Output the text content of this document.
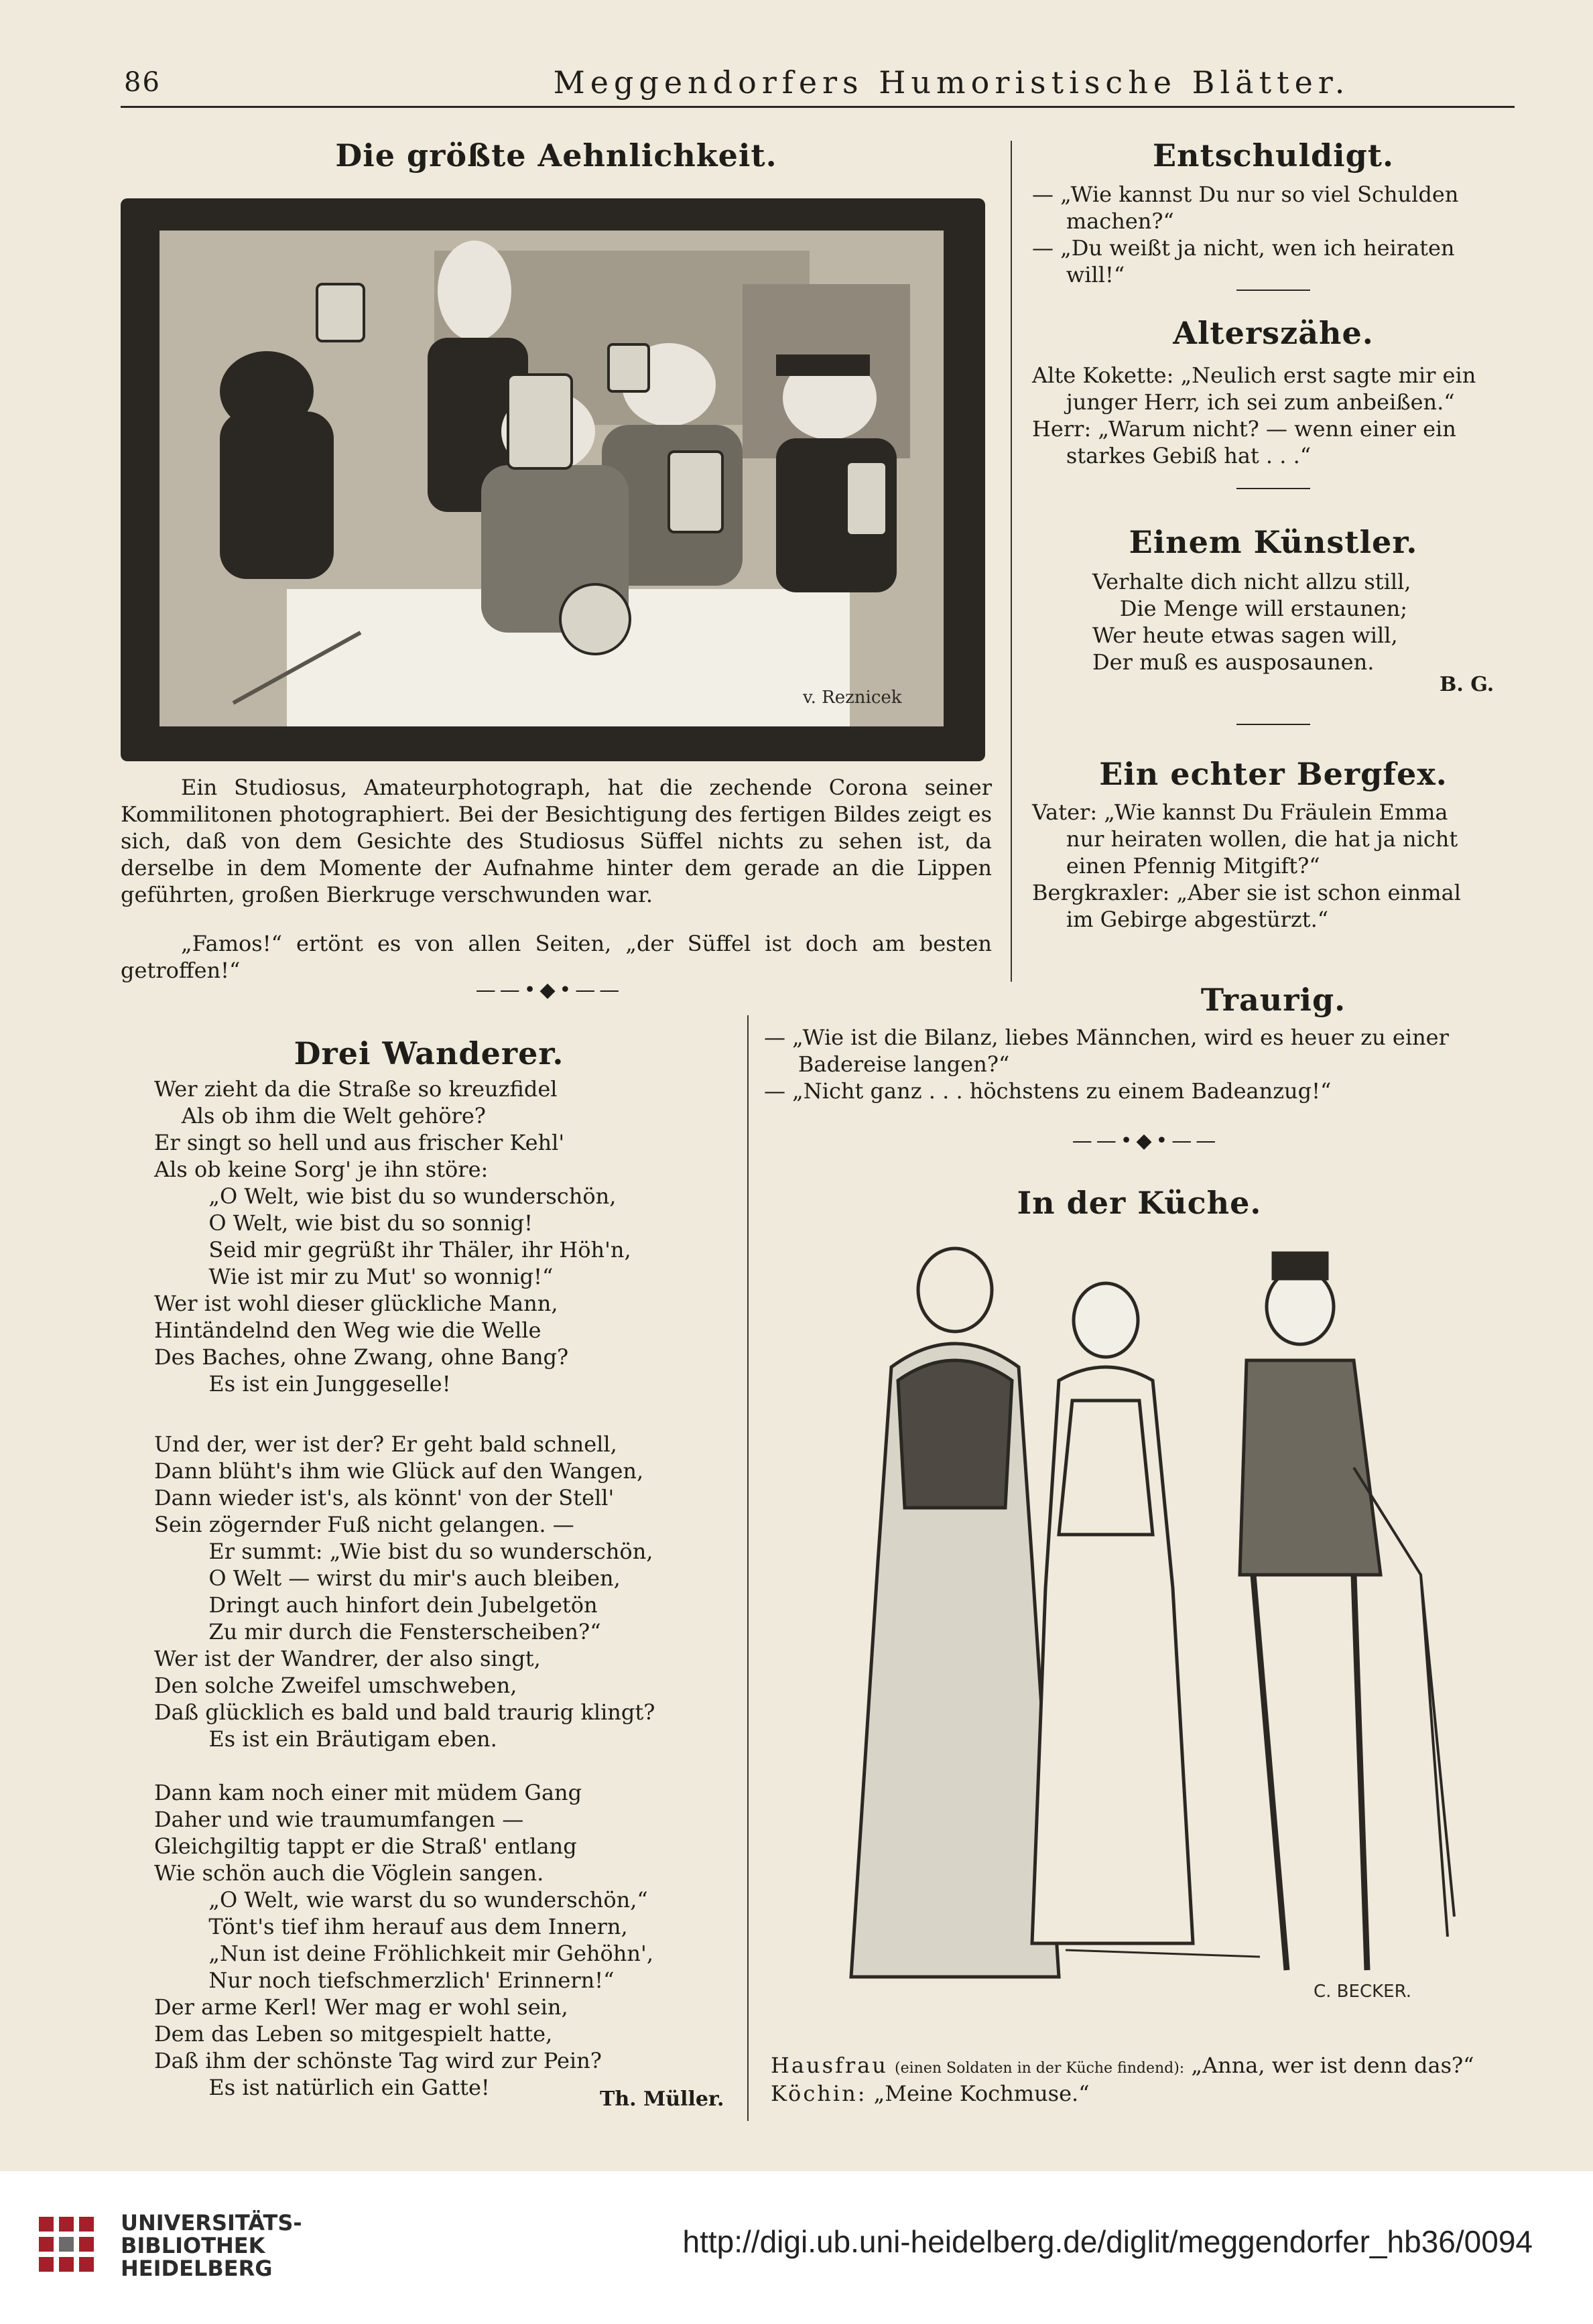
86	Meggendorfers Humoristische Blätter.
Die größte Aehnlichkeit.
v. Reznicek
Ein Studiosus, Amateurphotograph, hat die zechende Corona seiner Kommilitonen photographiert. Bei der Besichtigung des fertigen Bildes zeigt es sich, daß von dem Gesichte des Studiosus Süffel nichts zu sehen ist, da derselbe in dem Momente der Aufnahme hinter dem gerade an die Lippen geführten, großen Bierkruge verschwunden war.
„Famos!“ ertönt es von allen Seiten, „der Süffel ist doch am besten getroffen!“
——•◆•——
Drei Wanderer.
Wer zieht da die Straße so kreuzfidel
Als ob ihm die Welt gehöre?
Er singt so hell und aus frischer Kehl'
Als ob keine Sorg' je ihn störe:
„O Welt, wie bist du so wunderschön,
O Welt, wie bist du so sonnig!
Seid mir gegrüßt ihr Thäler, ihr Höh'n,
Wie ist mir zu Mut' so wonnig!“
Wer ist wohl dieser glückliche Mann,
Hintändelnd den Weg wie die Welle
Des Baches, ohne Zwang, ohne Bang?
Es ist ein Junggeselle!
Und der, wer ist der? Er geht bald schnell,
Dann blüht's ihm wie Glück auf den Wangen,
Dann wieder ist's, als könnt' von der Stell'
Sein zögernder Fuß nicht gelangen. —
Er summt: „Wie bist du so wunderschön,
O Welt — wirst du mir's auch bleiben,
Dringt auch hinfort dein Jubelgetön
Zu mir durch die Fensterscheiben?“
Wer ist der Wandrer, der also singt,
Den solche Zweifel umschweben,
Daß glücklich es bald und bald traurig klingt?
Es ist ein Bräutigam eben.
Dann kam noch einer mit müdem Gang
Daher und wie traumumfangen —
Gleichgiltig tappt er die Straß' entlang
Wie schön auch die Vöglein sangen.
„O Welt, wie warst du so wunderschön,“
Tönt's tief ihm herauf aus dem Innern,
„Nun ist deine Fröhlichkeit mir Gehöhn',
Nur noch tiefschmerzlich' Erinnern!“
Der arme Kerl! Wer mag er wohl sein,
Dem das Leben so mitgespielt hatte,
Daß ihm der schönste Tag wird zur Pein?
Es ist natürlich ein Gatte!	Th. Müller.
Entschuldigt.
— „Wie kannst Du nur so viel Schulden
machen?“
— „Du weißt ja nicht, wen ich heiraten
will!“
Alterszähe.
Alte Kokette: „Neulich erst sagte mir ein
junger Herr, ich sei zum anbeißen.“
Herr: „Warum nicht? — wenn einer ein
starkes Gebiß hat . . .“
Einem Künstler.
Verhalte dich nicht allzu still,
Die Menge will erstaunen;
Wer heute etwas sagen will,
Der muß es ausposaunen.
B. G.
Ein echter Bergfex.
Vater: „Wie kannst Du Fräulein Emma
nur heiraten wollen, die hat ja nicht
einen Pfennig Mitgift?“
Bergkraxler: „Aber sie ist schon einmal
im Gebirge abgestürzt.“
Traurig.
— „Wie ist die Bilanz, liebes Männchen, wird es heuer zu einer
Badereise langen?“
— „Nicht ganz . . . höchstens zu einem Badeanzug!“
——•◆•——
In der Küche.
C. BECKER.
Hausfrau (einen Soldaten in der Küche findend): „Anna, wer ist denn das?“
Köchin: „Meine Kochmuse.“
UNIVERSITÄTS-
BIBLIOTHEK
HEIDELBERG
http://digi.ub.uni-heidelberg.de/diglit/meggendorfer_hb36/0094
